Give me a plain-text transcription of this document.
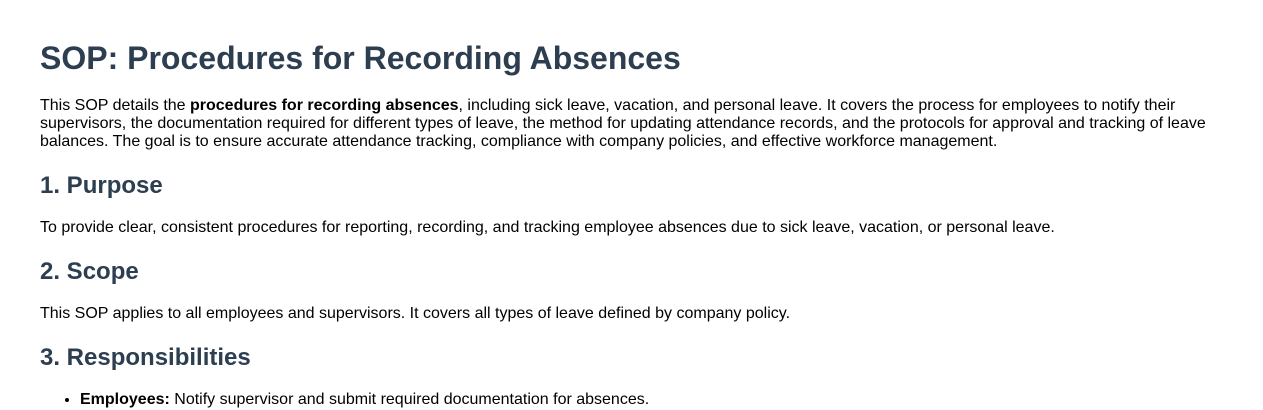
SOP: Procedures for Recording Absences

This SOP details the procedures for recording absences, including sick leave, vacation, and personal leave. It covers the process for employees to notify their supervisors, the documentation required for different types of leave, the method for updating attendance records, and the protocols for approval and tracking of leave balances. The goal is to ensure accurate attendance tracking, compliance with company policies, and effective workforce management.

1. Purpose

To provide clear, consistent procedures for reporting, recording, and tracking employee absences due to sick leave, vacation, or personal leave.

2. Scope

This SOP applies to all employees and supervisors. It covers all types of leave defined by company policy.

3. Responsibilities
• Employees: Notify supervisor and submit required documentation for absences.
